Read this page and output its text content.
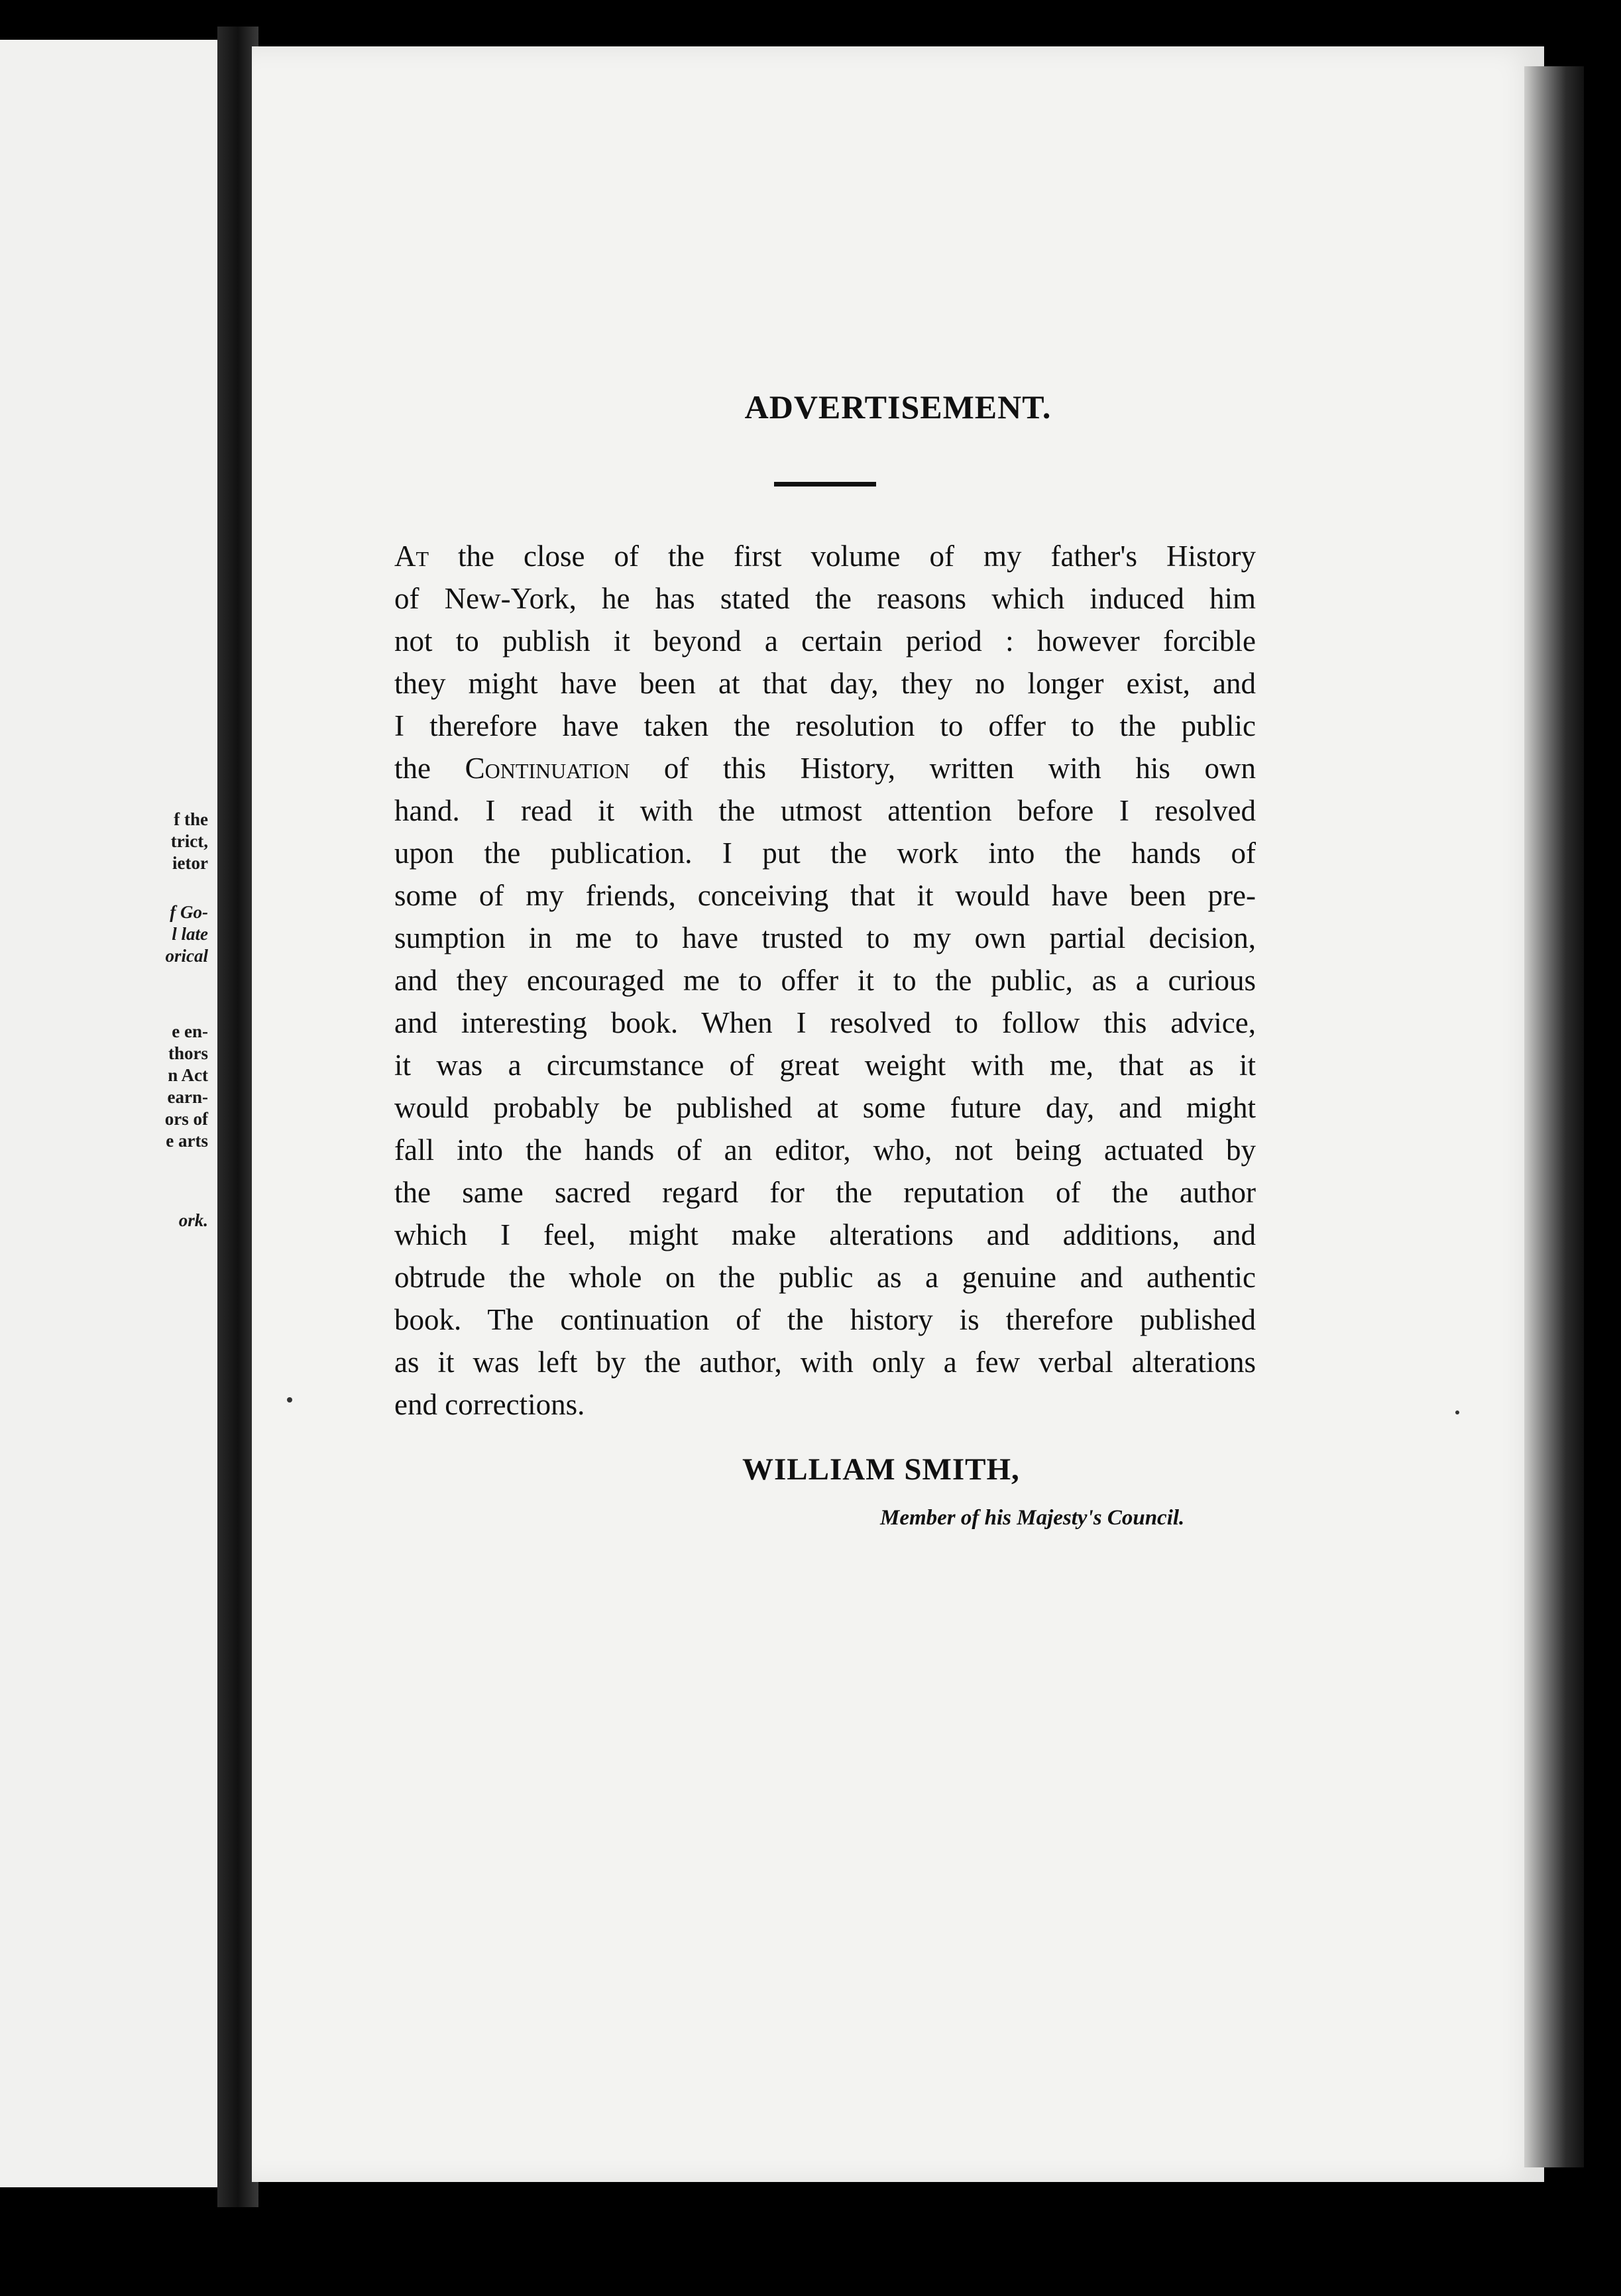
f the
trict,
ietor
f Go-
l late
orical
e en-
thors
n Act
earn-
ors of
e arts
ork.
ADVERTISEMENT.
At the close of the first volume of my father's History
of New-York, he has stated the reasons which induced him
not to publish it beyond a certain period : however forcible
they might have been at that day, they no longer exist, and
I therefore have taken the resolution to offer to the public
the Continuation of this History, written with his own
hand. I read it with the utmost attention before I resolved
upon the publication. I put the work into the hands of
some of my friends, conceiving that it would have been pre-
sumption in me to have trusted to my own partial decision,
and they encouraged me to offer it to the public, as a curious
and interesting book. When I resolved to follow this advice,
it was a circumstance of great weight with me, that as it
would probably be published at some future day, and might
fall into the hands of an editor, who, not being actuated by
the same sacred regard for the reputation of the author
which I feel, might make alterations and additions, and
obtrude the whole on the public as a genuine and authentic
book. The continuation of the history is therefore published
as it was left by the author, with only a few verbal alterations
end corrections.
WILLIAM SMITH,
Member of his Majesty's Council.
